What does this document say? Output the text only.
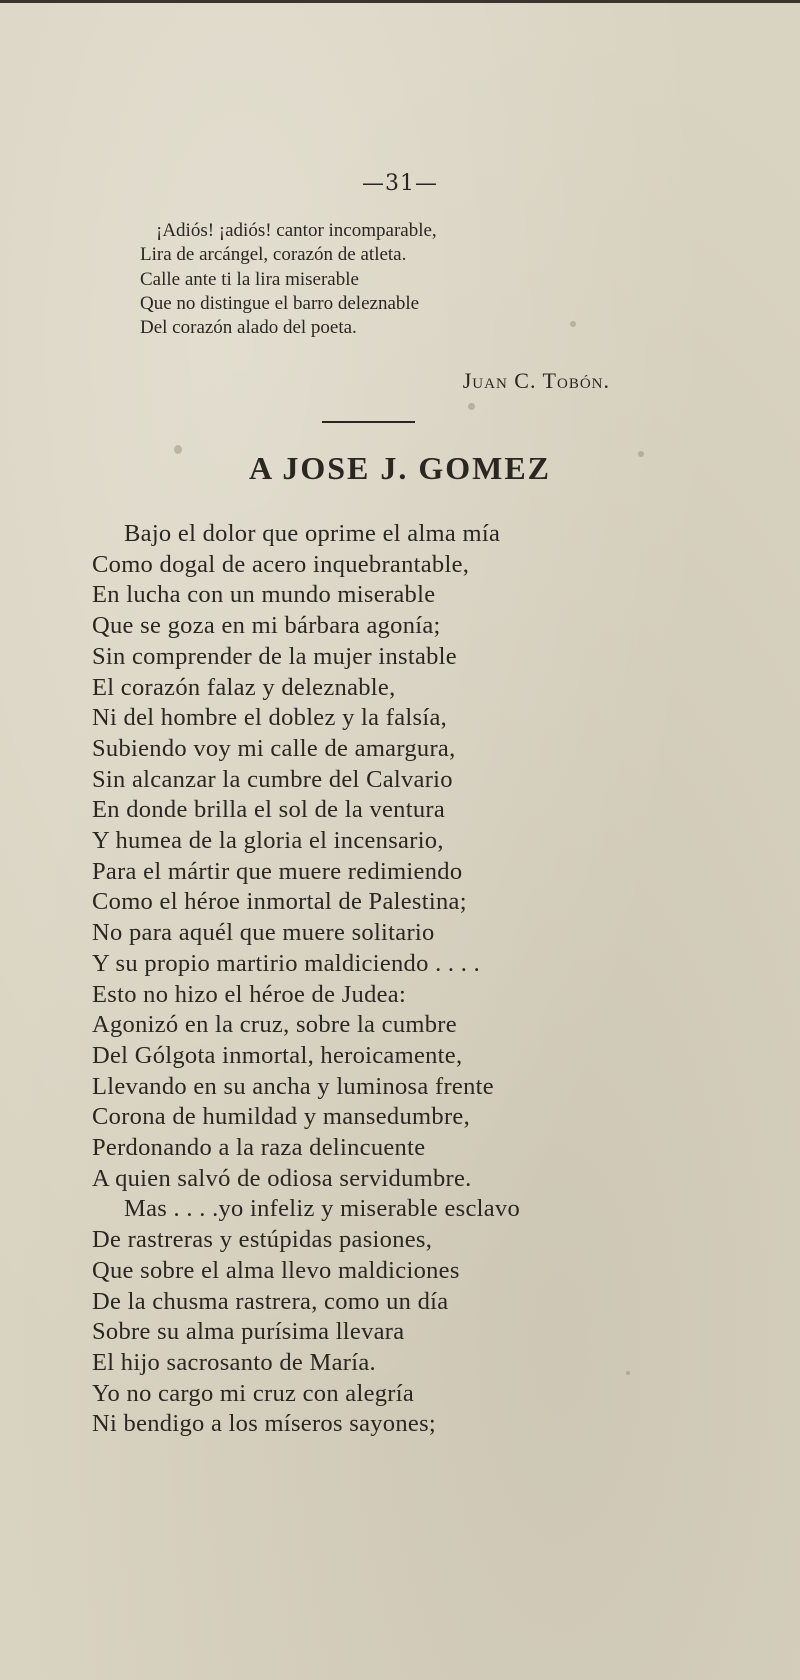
—31—
¡Adiós! ¡adiós! cantor incomparable,
Lira de arcángel, corazón de atleta.
Calle ante ti la lira miserable
Que no distingue el barro deleznable
Del corazón alado del poeta.
Juan C. Tobón.
A JOSE J. GOMEZ
Bajo el dolor que oprime el alma mía
Como dogal de acero inquebrantable,
En lucha con un mundo miserable
Que se goza en mi bárbara agonía;
Sin comprender de la mujer instable
El corazón falaz y deleznable,
Ni del hombre el doblez y la falsía,
Subiendo voy mi calle de amargura,
Sin alcanzar la cumbre del Calvario
En donde brilla el sol de la ventura
Y humea de la gloria el incensario,
Para el mártir que muere redimiendo
Como el héroe inmortal de Palestina;
No para aquél que muere solitario
Y su propio martirio maldiciendo . . . .
Esto no hizo el héroe de Judea:
Agonizó en la cruz, sobre la cumbre
Del Gólgota inmortal, heroicamente,
Llevando en su ancha y luminosa frente
Corona de humildad y mansedumbre,
Perdonando a la raza delincuente
A quien salvó de odiosa servidumbre.
Mas . . . .yo infeliz y miserable esclavo
De rastreras y estúpidas pasiones,
Que sobre el alma llevo maldiciones
De la chusma rastrera, como un día
Sobre su alma purísima llevara
El hijo sacrosanto de María.
Yo no cargo mi cruz con alegría
Ni bendigo a los míseros sayones;
